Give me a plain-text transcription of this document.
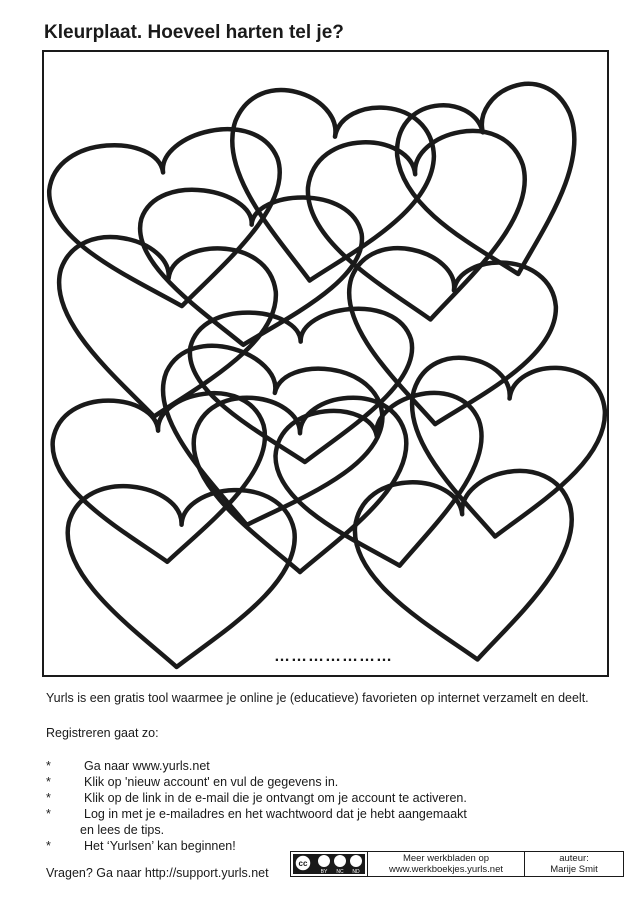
Kleurplaat. Hoeveel harten tel je?
…………………
Yurls is een gratis tool waarmee je online je (educatieve) favorieten op internet verzamelt en deelt.
Registreren gaat zo:
*	Ga naar www.yurls.net
*	Klik op 'nieuw account' en vul de gegevens in.
*	Klik op de link in de e-mail die je ontvangt om je account te activeren.
*	Log in met je e-mailadres en het wachtwoord dat je hebt aangemaakt
en lees de tips.
*	Het ‘Yurlsen’ kan beginnen!
Vragen? Ga naar http://support.yurls.net
cc
BY NC ND
Meer werkbladen op
www.werkboekjes.yurls.net
auteur:
Marije Smit
